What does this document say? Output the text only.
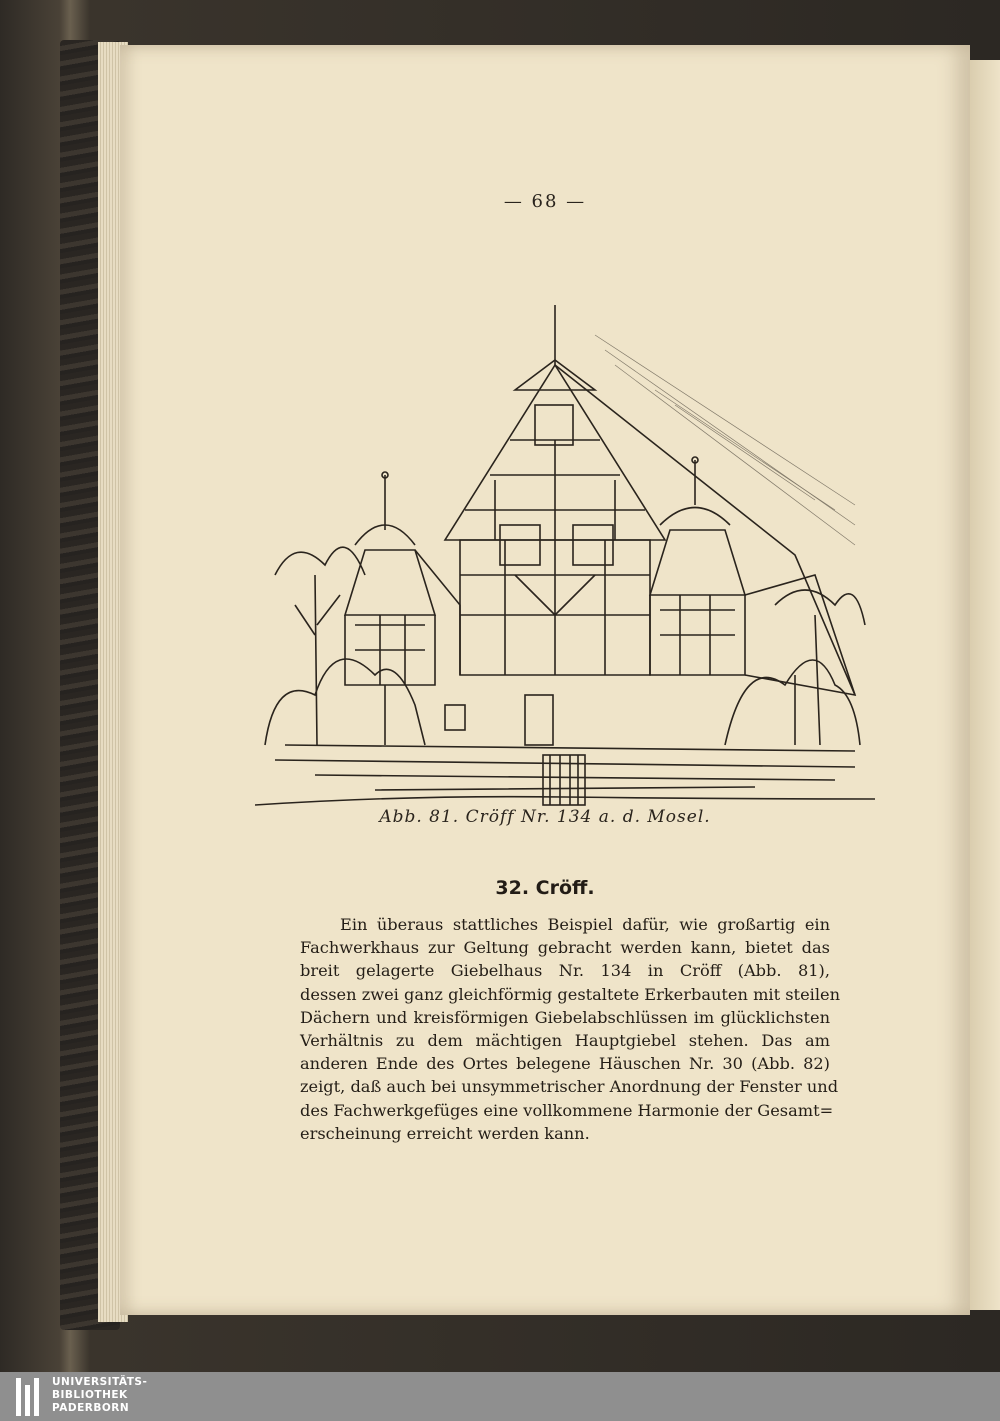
— 68 —
Abb. 81. Cröff Nr. 134 a. d. Mosel.
32. Cröff.
Ein überaus stattliches Beispiel dafür, wie großartig ein
Fachwerkhaus zur Geltung gebracht werden kann, bietet das
breit gelagerte Giebelhaus Nr. 134 in Cröff (Abb. 81),
dessen zwei ganz gleichförmig gestaltete Erkerbauten mit steilen
Dächern und kreisförmigen Giebelabschlüssen im glücklichsten
Verhältnis zu dem mächtigen Hauptgiebel stehen. Das am
anderen Ende des Ortes belegene Häuschen Nr. 30 (Abb. 82)
zeigt, daß auch bei unsymmetrischer Anordnung der Fenster und
des Fachwerkgefüges eine vollkommene Harmonie der Gesamt=
erscheinung erreicht werden kann.
UNIVERSITÄTS-
BIBLIOTHEK
PADERBORN
